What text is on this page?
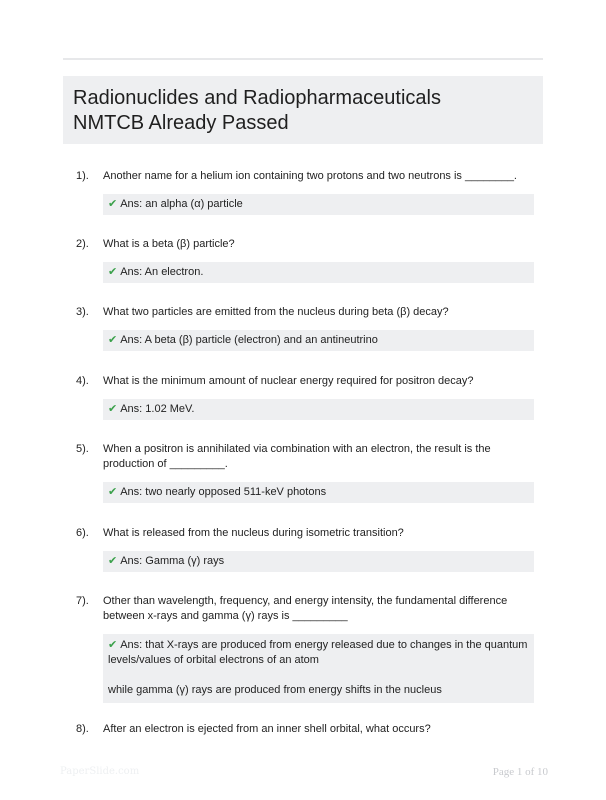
Radionuclides and Radiopharmaceuticals
NMTCB Already Passed
1). Another name for a helium ion containing two protons and two neutrons is ________.
✔ Ans: an alpha (α) particle
2). What is a beta (β) particle?
✔ Ans: An electron.
3). What two particles are emitted from the nucleus during beta (β) decay?
✔ Ans: A beta (β) particle (electron) and an antineutrino
4). What is the minimum amount of nuclear energy required for positron decay?
✔ Ans: 1.02 MeV.
5). When a positron is annihilated via combination with an electron, the result is the production of _________.
✔ Ans: two nearly opposed 511-keV photons
6). What is released from the nucleus during isometric transition?
✔ Ans: Gamma (γ) rays
7). Other than wavelength, frequency, and energy intensity, the fundamental difference between x-rays and gamma (γ) rays is _________
✔ Ans: that X-rays are produced from energy released due to changes in the quantum levels/values of orbital electrons of an atom
while gamma (γ) rays are produced from energy shifts in the nucleus
8). After an electron is ejected from an inner shell orbital, what occurs?
PaperSlide.com	Page 1 of 10
